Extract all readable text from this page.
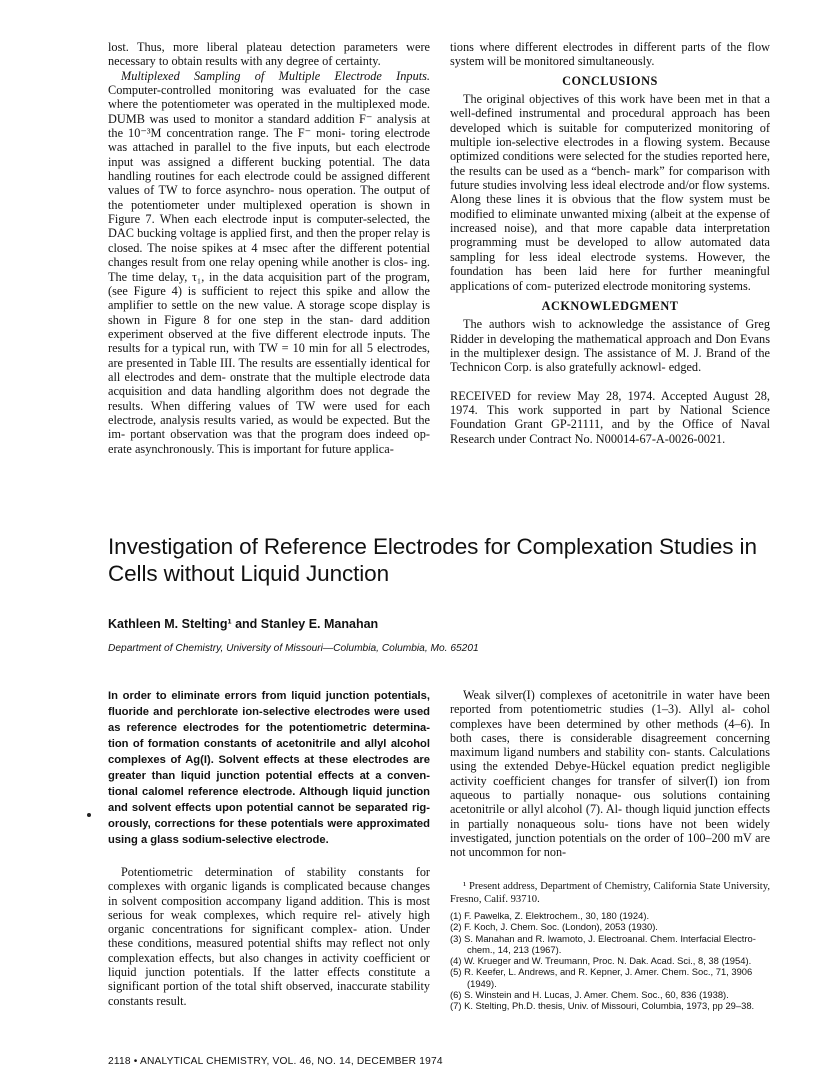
lost. Thus, more liberal plateau detection parameters were necessary to obtain results with any degree of certainty.

Multiplexed Sampling of Multiple Electrode Inputs. Computer-controlled monitoring was evaluated for the case where the potentiometer was operated in the multiplexed mode. DUMB was used to monitor a standard addition F⁻ analysis at the 10⁻³M concentration range. The F⁻ moni- toring electrode was attached in parallel to the five inputs, but each electrode input was assigned a different bucking potential. The data handling routines for each electrode could be assigned different values of TW to force asynchro- nous operation. The output of the potentiometer under multiplexed operation is shown in Figure 7. When each electrode input is computer-selected, the DAC bucking voltage is applied first, and then the proper relay is closed. The noise spikes at 4 msec after the different potential changes result from one relay opening while another is clos- ing. The time delay, τ₁, in the data acquisition part of the program, (see Figure 4) is sufficient to reject this spike and allow the amplifier to settle on the new value. A storage scope display is shown in Figure 8 for one step in the stan- dard addition experiment observed at the five different electrode inputs. The results for a typical run, with TW = 10 min for all 5 electrodes, are presented in Table III. The results are essentially identical for all electrodes and dem- onstrate that the multiple electrode data acquisition and data handling algorithm does not degrade the results. When differing values of TW were used for each electrode, analysis results varied, as would be expected. But the im- portant observation was that the program does indeed op- erate asynchronously. This is important for future applica-

tions where different electrodes in different parts of the flow system will be monitored simultaneously.

CONCLUSIONS

The original objectives of this work have been met in that a well-defined instrumental and procedural approach has been developed which is suitable for computerized monitoring of multiple ion-selective electrodes in a flowing system. Because optimized conditions were selected for the studies reported here, the results can be used as a “bench- mark” for comparison with future studies involving less ideal electrode and/or flow systems. Along these lines it is obvious that the flow system must be modified to eliminate unwanted mixing (albeit at the expense of increased noise), and that more capable data interpretation programming must be developed to allow automated data sampling for less ideal electrode systems. However, the foundation has been laid here for further meaningful applications of com- puterized electrode monitoring systems.

ACKNOWLEDGMENT

The authors wish to acknowledge the assistance of Greg Ridder in developing the mathematical approach and Don Evans in the multiplexer design. The assistance of M. J. Brand of the Technicon Corp. is also gratefully acknowl- edged.

RECEIVED for review May 28, 1974. Accepted August 28, 1974. This work supported in part by National Science Foundation Grant GP-21111, and by the Office of Naval Research under Contract No. N00014-67-A-0026-0021.

Investigation of Reference Electrodes for Complexation Studies in Cells without Liquid Junction
Kathleen M. Stelting¹ and Stanley E. Manahan
Department of Chemistry, University of Missouri—Columbia, Columbia, Mo. 65201
In order to eliminate errors from liquid junction potentials, fluoride and perchlorate ion-selective electrodes were used as reference electrodes for the potentiometric determina- tion of formation constants of acetonitrile and allyl alcohol complexes of Ag(I). Solvent effects at these electrodes are greater than liquid junction potential effects at a conven- tional calomel reference electrode. Although liquid junction and solvent effects upon potential cannot be separated rig- orously, corrections for these potentials were approximated using a glass sodium-selective electrode.
Potentiometric determination of stability constants for complexes with organic ligands is complicated because changes in solvent composition accompany ligand addition. This is most serious for weak complexes, which require rel- atively high organic concentrations for significant complex- ation. Under these conditions, measured potential shifts may reflect not only complexation effects, but also changes in activity coefficient or liquid junction potentials. If the latter effects constitute a significant portion of the total shift observed, inaccurate stability constants result.
Weak silver(I) complexes of acetonitrile in water have been reported from potentiometric studies (1–3). Allyl al- cohol complexes have been determined by other methods (4–6). In both cases, there is considerable disagreement concerning maximum ligand numbers and stability con- stants. Calculations using the extended Debye-Hückel equation predict negligible activity coefficient changes for transfer of silver(I) ion from aqueous to partially nonaque- ous solutions containing acetonitrile or allyl alcohol (7). Al- though liquid junction effects in partially nonaqueous solu- tions have not been widely investigated, junction potentials on the order of 100–200 mV are not uncommon for non-
¹ Present address, Department of Chemistry, California State University, Fresno, Calif. 93710.
(1) F. Pawelka, Z. Elektrochem., 30, 180 (1924).
(2) F. Koch, J. Chem. Soc. (London), 2053 (1930).
(3) S. Manahan and R. Iwamoto, J. Electroanal. Chem. Interfacial Electro- chem., 14, 213 (1967).
(4) W. Krueger and W. Treumann, Proc. N. Dak. Acad. Sci., 8, 38 (1954).
(5) R. Keefer, L. Andrews, and R. Kepner, J. Amer. Chem. Soc., 71, 3906 (1949).
(6) S. Winstein and H. Lucas, J. Amer. Chem. Soc., 60, 836 (1938).
(7) K. Stelting, Ph.D. thesis, Univ. of Missouri, Columbia, 1973, pp 29–38.
2118 • ANALYTICAL CHEMISTRY, VOL. 46, NO. 14, DECEMBER 1974
